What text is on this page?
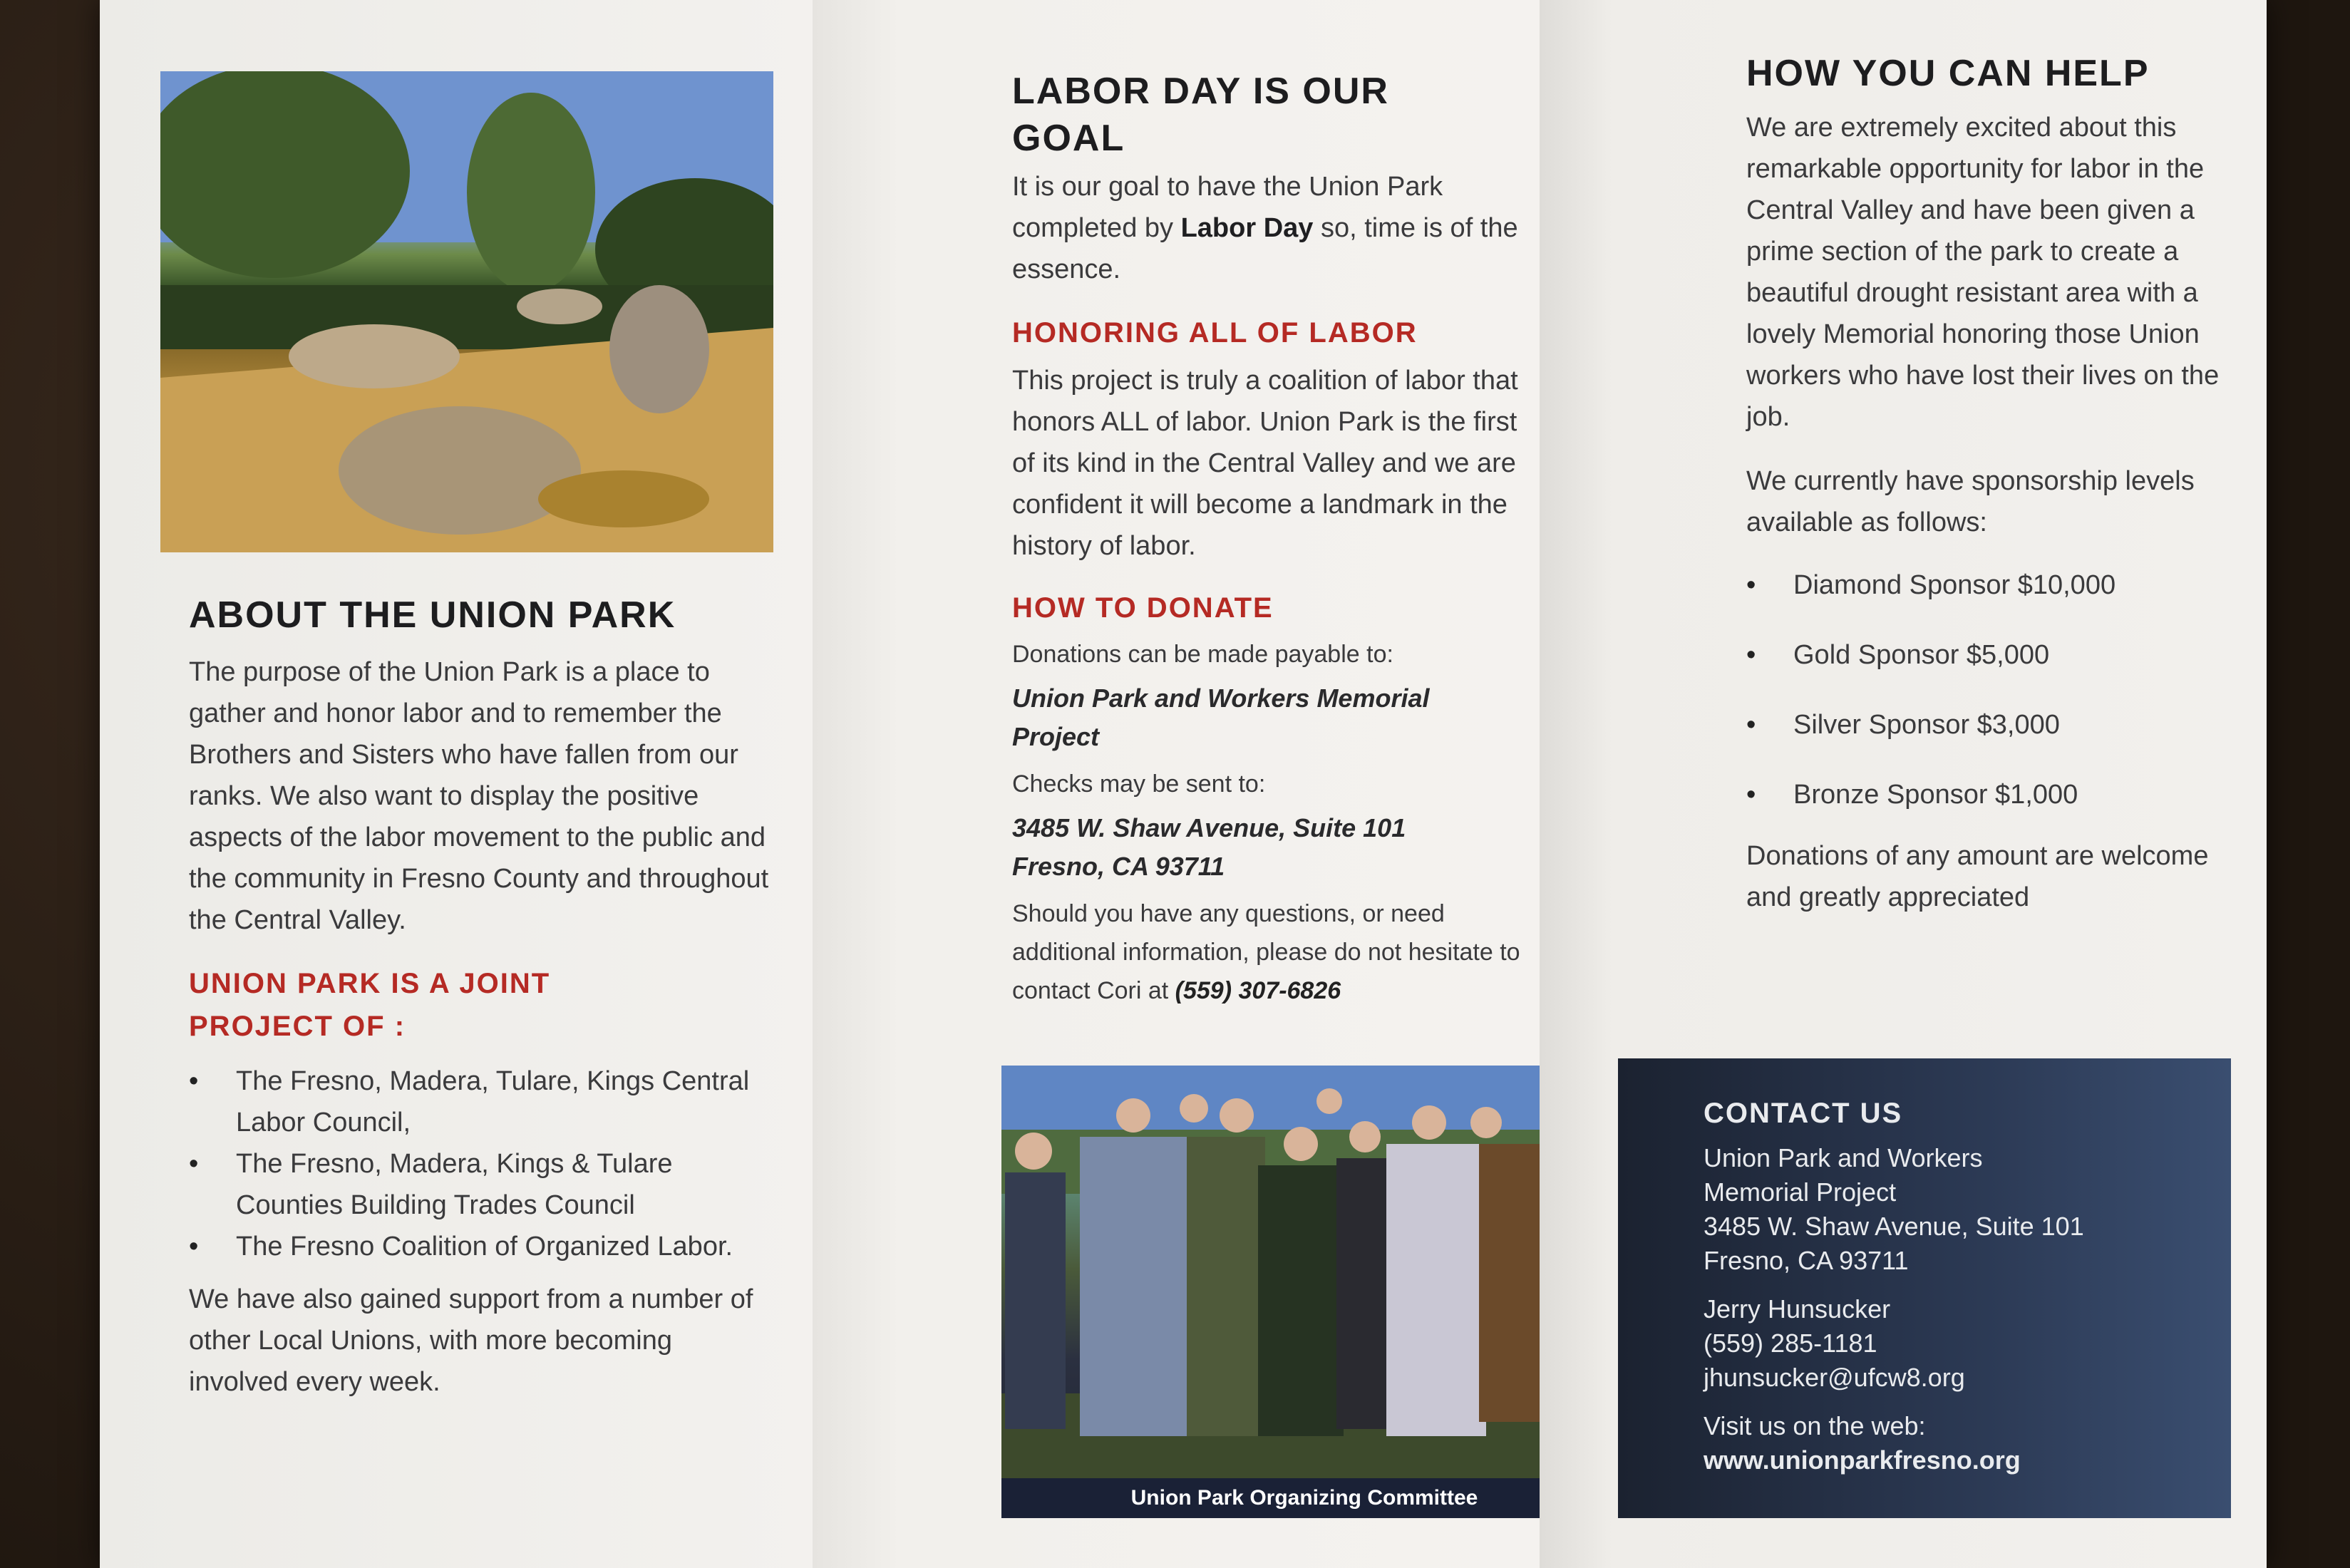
ABOUT THE UNION PARK

The purpose of the Union Park is a place to gather and honor labor and to remember the Brothers and Sisters who have fallen from our ranks. We also want to display the positive aspects of the labor movement to the public and the community in Fresno County and throughout the Central Valley.

UNION PARK IS A JOINT

PROJECT OF :

• The Fresno, Madera, Tulare, Kings Central Labor Council,
• The Fresno, Madera, Kings & Tulare Counties Building Trades Council
• The Fresno Coalition of Organized Labor.

We have also gained support from a number of other Local Unions, with more becoming involved every week.

LABOR DAY IS OUR

GOAL

It is our goal to have the Union Park completed by Labor Day so, time is of the essence.

HONORING ALL OF LABOR

This project is truly a coalition of labor that honors ALL of labor. Union Park is the first of its kind in the Central Valley and we are confident it will become a landmark in the history of labor.

HOW TO DONATE

Donations can be made payable to:

Union Park and Workers Memorial

Project

Checks may be sent to:

3485 W. Shaw Avenue, Suite 101

Fresno, CA 93711

Should you have any questions, or need additional information, please do not hesitate to contact Cori at (559) 307-6826

Union Park Organizing Committee

HOW YOU CAN HELP

We are extremely excited about this remarkable opportunity for labor in the Central Valley and have been given a prime section of the park to create a beautiful drought resistant area with a lovely Memorial honoring those Union workers who have lost their lives on the job.

We currently have sponsorship levels available as follows:

• Diamond Sponsor $10,000
• Gold Sponsor $5,000
• Silver Sponsor $3,000
• Bronze Sponsor $1,000

Donations of any amount are welcome and greatly appreciated

CONTACT US

Union Park and Workers

Memorial Project

3485 W. Shaw Avenue, Suite 101

Fresno, CA 93711

Jerry Hunsucker

(559) 285-1181

jhunsucker@ufcw8.org

Visit us on the web:

www.unionparkfresno.org
